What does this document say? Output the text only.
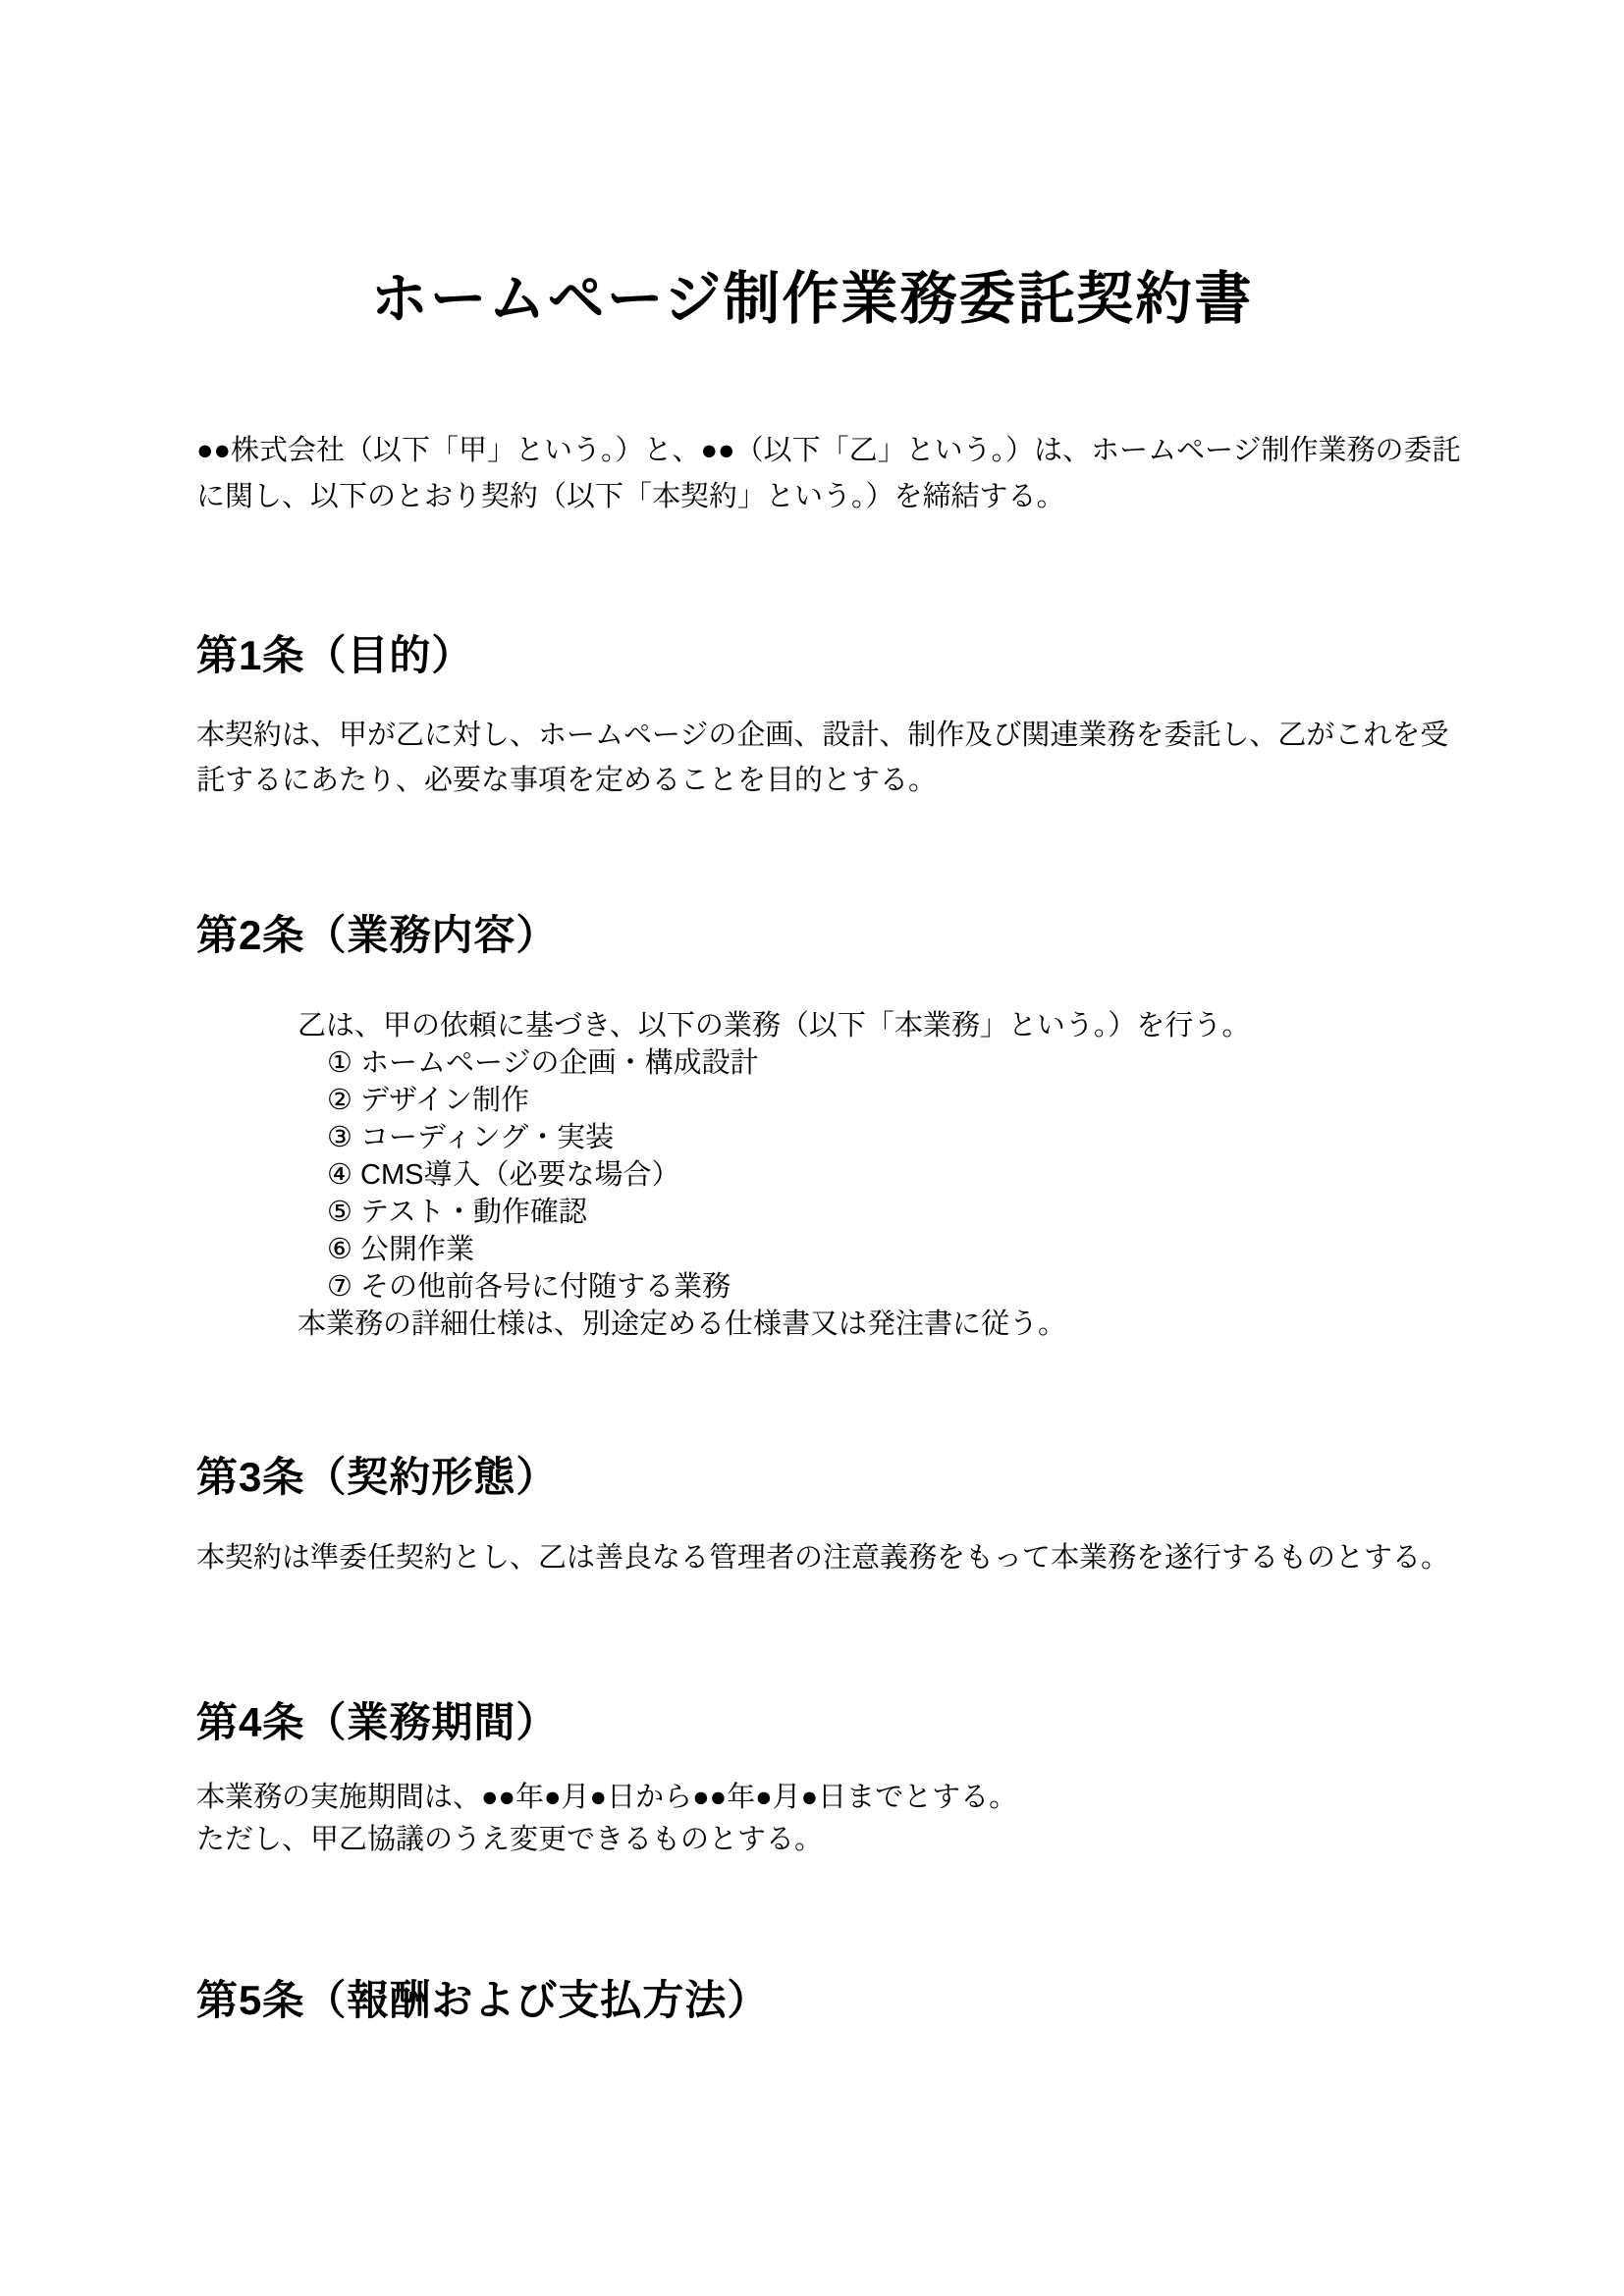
ホームページ制作業務委託契約書
●●株式会社（以下「甲」という。）と、●●（以下「乙」という。）は、ホームページ制作業務の委託に関し、以下のとおり契約（以下「本契約」という。）を締結する。
第1条（目的）
本契約は、甲が乙に対し、ホームページの企画、設計、制作及び関連業務を委託し、乙がこれを受託するにあたり、必要な事項を定めることを目的とする。
第2条（業務内容）
乙は、甲の依頼に基づき、以下の業務（以下「本業務」という。）を行う。
① ホームページの企画・構成設計
② デザイン制作
③ コーディング・実装
④ CMS導入（必要な場合）
⑤ テスト・動作確認
⑥ 公開作業
⑦ その他前各号に付随する業務
本業務の詳細仕様は、別途定める仕様書又は発注書に従う。
第3条（契約形態）
本契約は準委任契約とし、乙は善良なる管理者の注意義務をもって本業務を遂行するものとする。
第4条（業務期間）
本業務の実施期間は、●●年●月●日から●●年●月●日までとする。
ただし、甲乙協議のうえ変更できるものとする。
第5条（報酬および支払方法）
